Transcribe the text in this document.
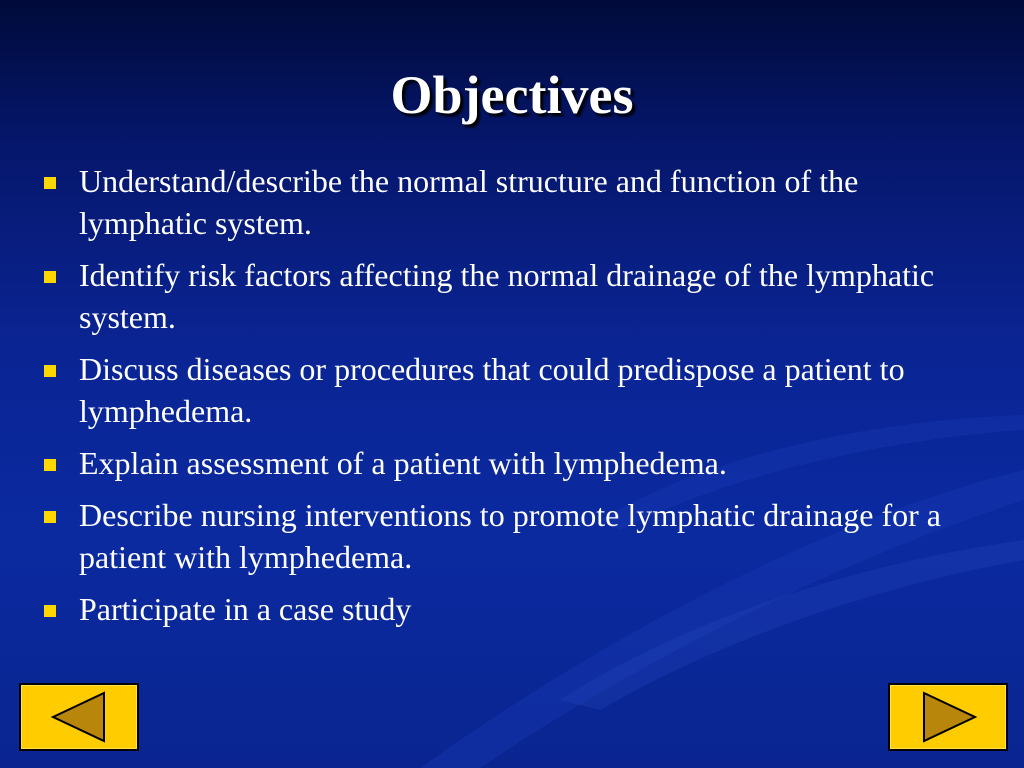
Objectives
Understand/describe the normal structure and function of the lymphatic system.
Identify risk factors affecting the normal drainage of the lymphatic system.
Discuss diseases or procedures that could predispose a patient to lymphedema.
Explain assessment of a patient with lymphedema.
Describe nursing interventions to promote lymphatic drainage for a patient with lymphedema.
Participate in a case study
